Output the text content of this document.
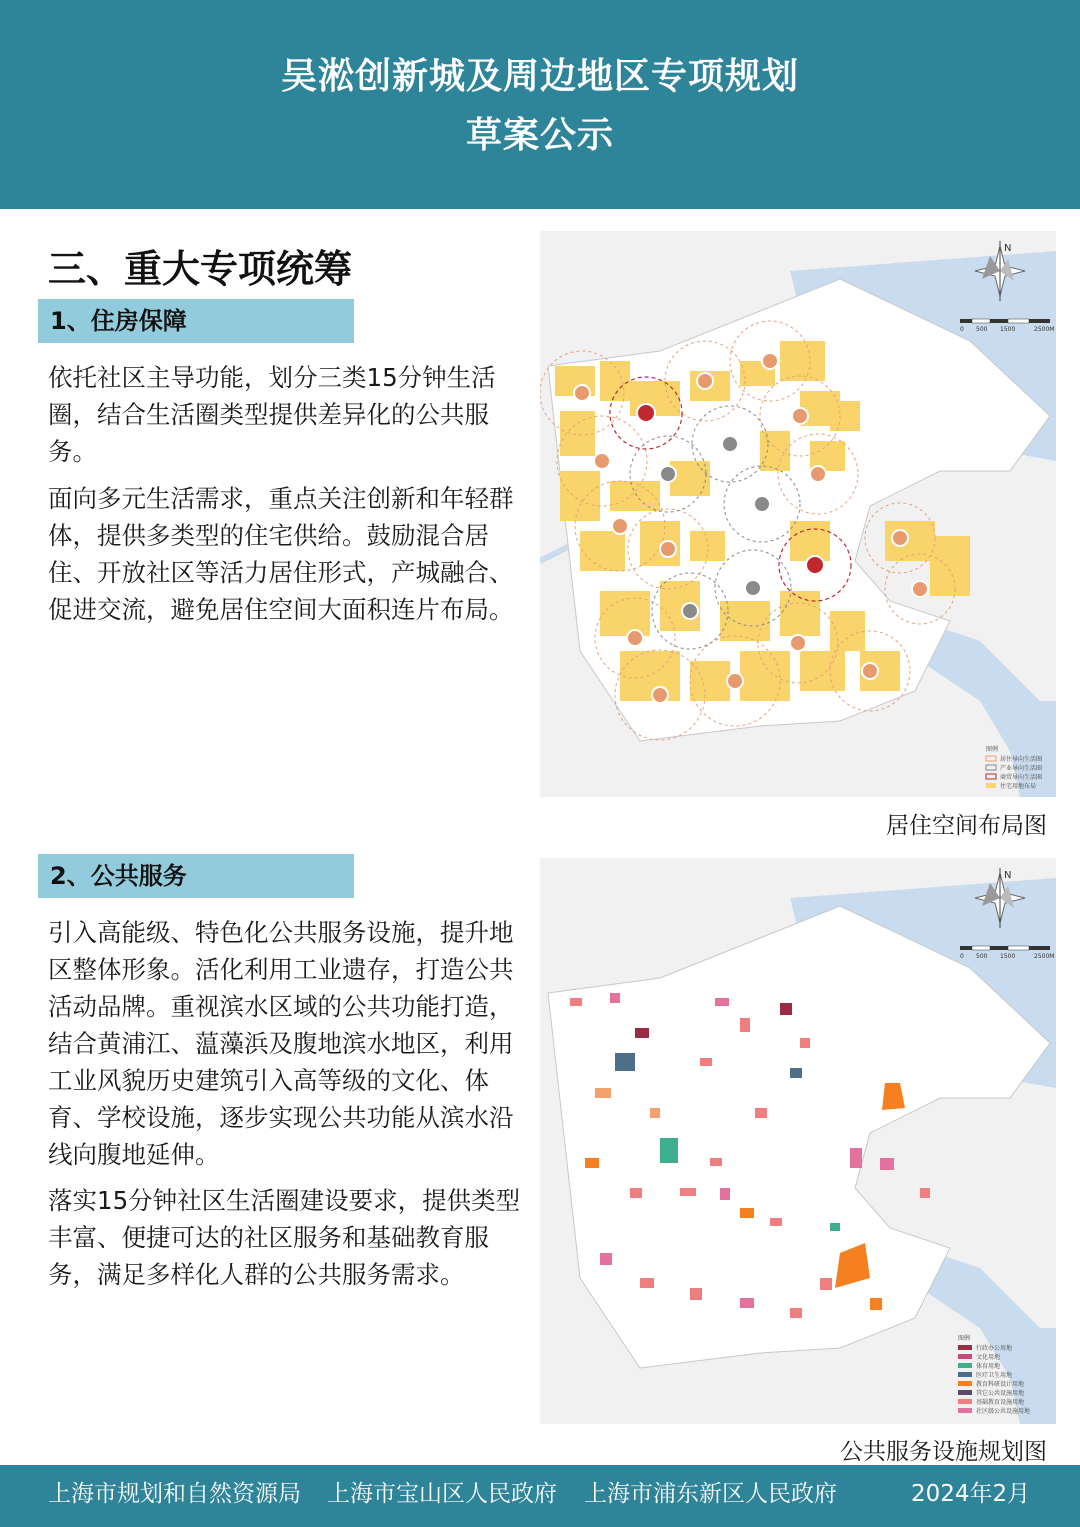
吴淞创新城及周边地区专项规划
草案公示
三、重大专项统筹
1、住房保障
依托社区主导功能，划分三类15分钟生活圈，结合生活圈类型提供差异化的公共服务。
面向多元生活需求，重点关注创新和年轻群体，提供多类型的住宅供给。鼓励混合居住、开放社区等活力居住形式，产城融合、促进交流，避免居住空间大面积连片布局。
N
0 500 1500	2500M
图例
居住导向生活圈
产业导向生活圈
商贸导向生活圈
住宅用地布局
居住空间布局图
2、公共服务
引入高能级、特色化公共服务设施，提升地区整体形象。活化利用工业遗存，打造公共活动品牌。重视滨水区域的公共功能打造，结合黄浦江、蕰藻浜及腹地滨水地区，利用工业风貌历史建筑引入高等级的文化、体育、学校设施，逐步实现公共功能从滨水沿线向腹地延伸。
落实15分钟社区生活圈建设要求，提供类型丰富、便捷可达的社区服务和基础教育服务，满足多样化人群的公共服务需求。
N
0 500 1500	2500M
图例
行政办公用地
文化用地
体育用地
医疗卫生用地
教育科研设计用地
其它公共设施用地
基础教育设施用地
社区级公共设施用地
公共服务设施规划图
上海市规划和自然资源局 上海市宝山区人民政府 上海市浦东新区人民政府	2024年2月
